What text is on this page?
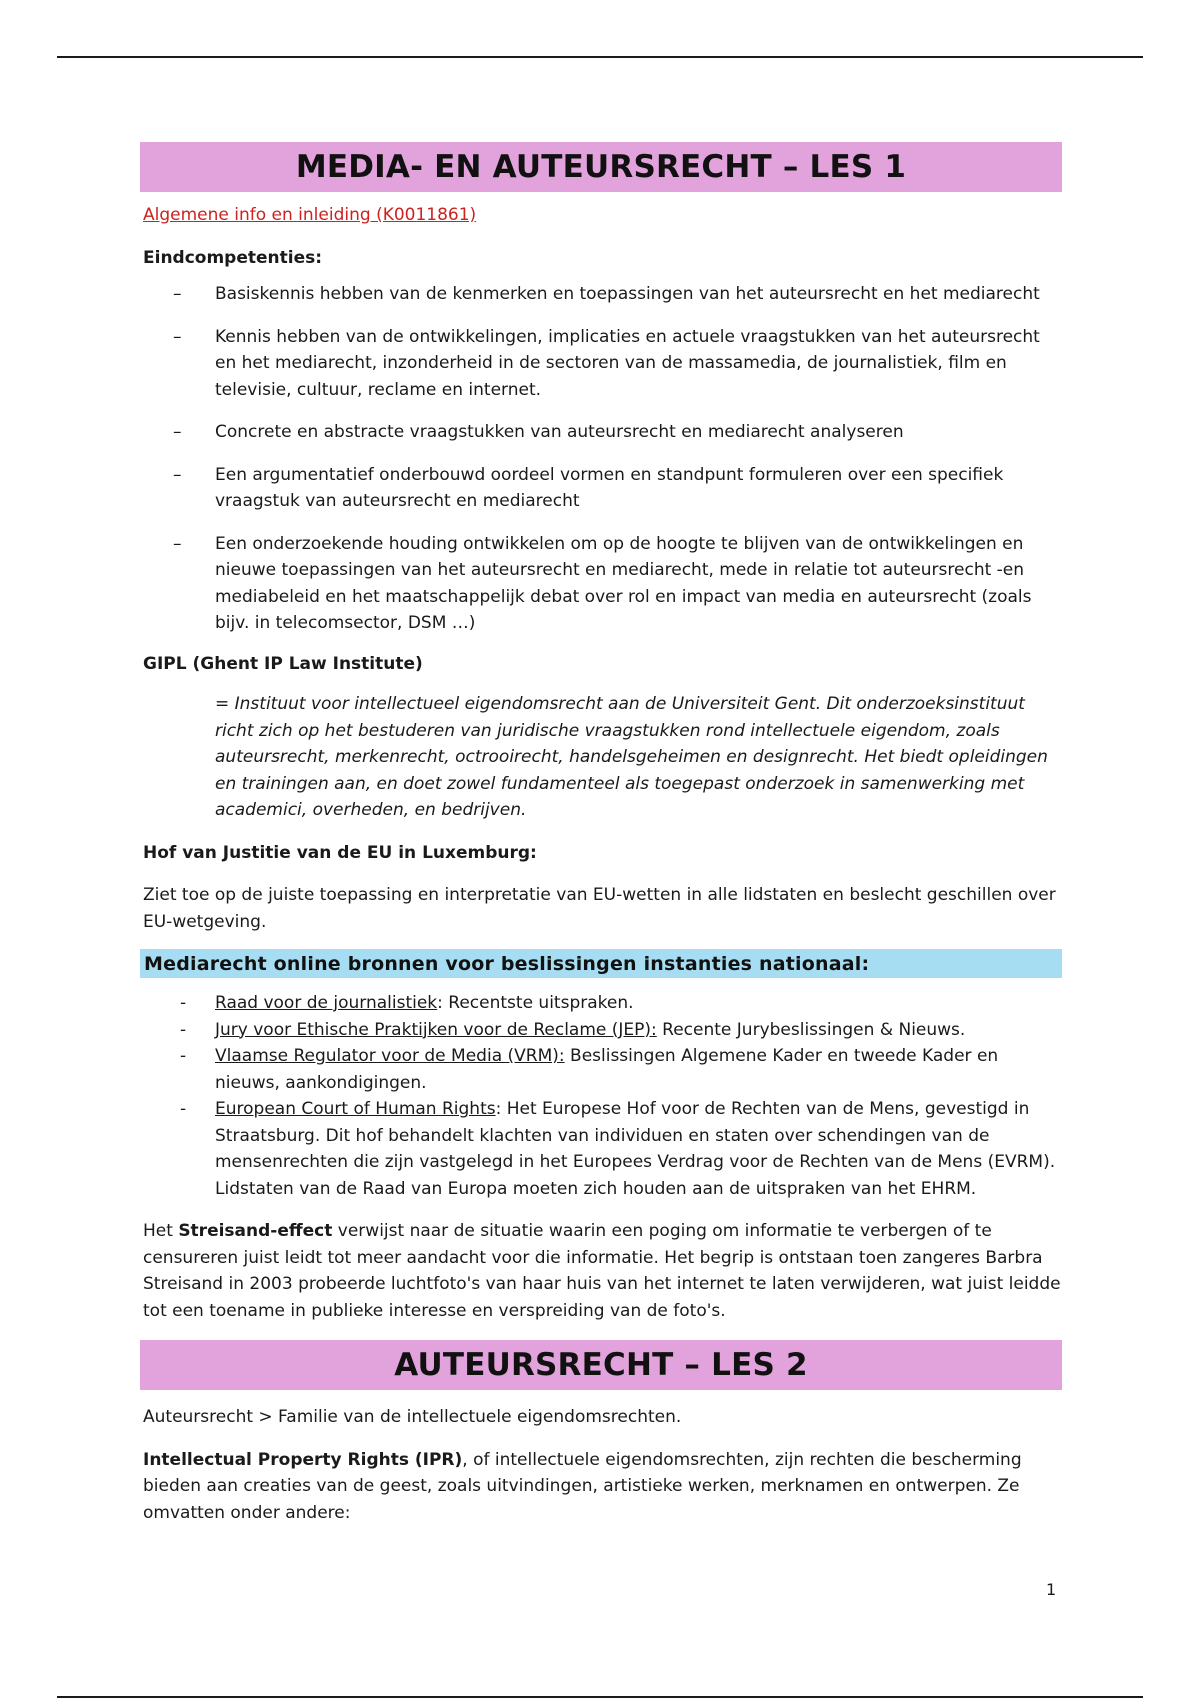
MEDIA- EN AUTEURSRECHT – LES 1

Algemene info en inleiding (K0011861)

Eindcompetenties:

– Basiskennis hebben van de kenmerken en toepassingen van het auteursrecht en het mediarecht
– Kennis hebben van de ontwikkelingen, implicaties en actuele vraagstukken van het auteursrecht en het mediarecht, inzonderheid in de sectoren van de massamedia, de journalistiek, film en televisie, cultuur, reclame en internet.
– Concrete en abstracte vraagstukken van auteursrecht en mediarecht analyseren
– Een argumentatief onderbouwd oordeel vormen en standpunt formuleren over een specifiek vraagstuk van auteursrecht en mediarecht
– Een onderzoekende houding ontwikkelen om op de hoogte te blijven van de ontwikkelingen en nieuwe toepassingen van het auteursrecht en mediarecht, mede in relatie tot auteursrecht -en mediabeleid en het maatschappelijk debat over rol en impact van media en auteursrecht (zoals bijv. in telecomsector, DSM …)

GIPL (Ghent IP Law Institute)

= Instituut voor intellectueel eigendomsrecht aan de Universiteit Gent. Dit onderzoeksinstituut richt zich op het bestuderen van juridische vraagstukken rond intellectuele eigendom, zoals auteursrecht, merkenrecht, octrooirecht, handelsgeheimen en designrecht. Het biedt opleidingen en trainingen aan, en doet zowel fundamenteel als toegepast onderzoek in samenwerking met academici, overheden, en bedrijven.

Hof van Justitie van de EU in Luxemburg:

Ziet toe op de juiste toepassing en interpretatie van EU-wetten in alle lidstaten en beslecht geschillen over EU-wetgeving.

Mediarecht online bronnen voor beslissingen instanties nationaal:
- Raad voor de journalistiek: Recentste uitspraken.
- Jury voor Ethische Praktijken voor de Reclame (JEP): Recente Jurybeslissingen & Nieuws.
- Vlaamse Regulator voor de Media (VRM): Beslissingen Algemene Kader en tweede Kader en nieuws, aankondigingen.
- European Court of Human Rights: Het Europese Hof voor de Rechten van de Mens, gevestigd in Straatsburg. Dit hof behandelt klachten van individuen en staten over schendingen van de mensenrechten die zijn vastgelegd in het Europees Verdrag voor de Rechten van de Mens (EVRM). Lidstaten van de Raad van Europa moeten zich houden aan de uitspraken van het EHRM.

Het Streisand-effect verwijst naar de situatie waarin een poging om informatie te verbergen of te censureren juist leidt tot meer aandacht voor die informatie. Het begrip is ontstaan toen zangeres Barbra Streisand in 2003 probeerde luchtfoto's van haar huis van het internet te laten verwijderen, wat juist leidde tot een toename in publieke interesse en verspreiding van de foto's.

AUTEURSRECHT – LES 2

Auteursrecht > Familie van de intellectuele eigendomsrechten.

Intellectual Property Rights (IPR), of intellectuele eigendomsrechten, zijn rechten die bescherming bieden aan creaties van de geest, zoals uitvindingen, artistieke werken, merknamen en ontwerpen. Ze omvatten onder andere:

1
